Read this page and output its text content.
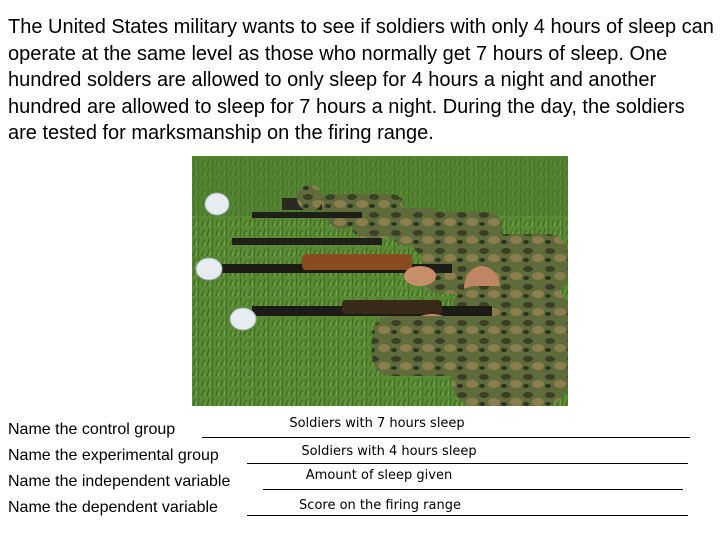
The United States military wants to see if soldiers with only 4 hours of sleep can operate at the same level as those who normally get 7 hours of sleep. One hundred solders are allowed to only sleep for 4 hours a night and another hundred are allowed to sleep for 7 hours a night. During the day, the soldiers are tested for marksmanship on the firing range.

Name the control group	Soldiers with 7 hours sleep
Name the experimental group	Soldiers with 4 hours sleep
Name the independent variable	Amount of sleep given
Name the dependent variable	Score on the firing range
